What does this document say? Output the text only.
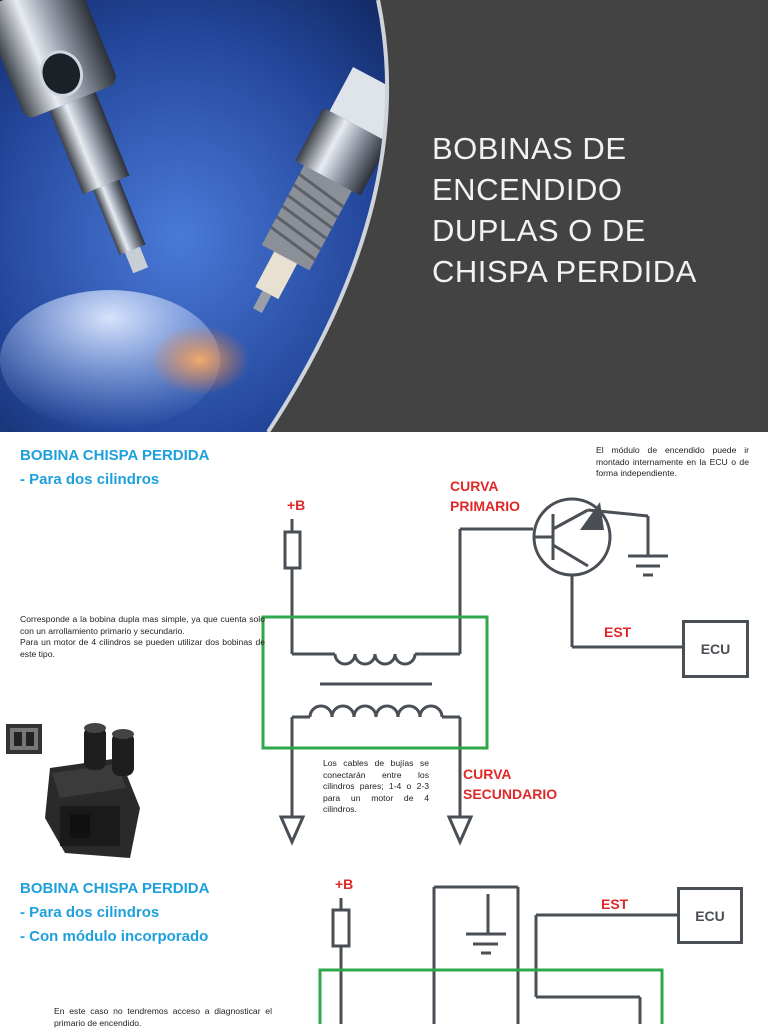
BOBINAS DE
ENCENDIDO
DUPLAS O DE
CHISPA PERDIDA
BOBINA CHISPA PERDIDA
- Para dos cilindros
Corresponde a la bobina dupla mas simple, ya que cuenta solo con un arrollamiento primario y secundario.
Para un motor de 4 cilindros se pueden utilizar dos bobinas de este tipo.
El módulo de encendido puede ir montado internamente en la ECU o de forma independiente.
Los cables de bujías se conectarán entre los cilindros pares; 1-4 o 2-3 para un motor de 4 cilindros.
+B
CURVA
PRIMARIO
CURVA
SECUNDARIO
EST
ECU
BOBINA CHISPA PERDIDA
- Para dos cilindros
- Con módulo incorporado
En este caso no tendremos acceso a diagnosticar el primario de encendido.
+B
EST
ECU
